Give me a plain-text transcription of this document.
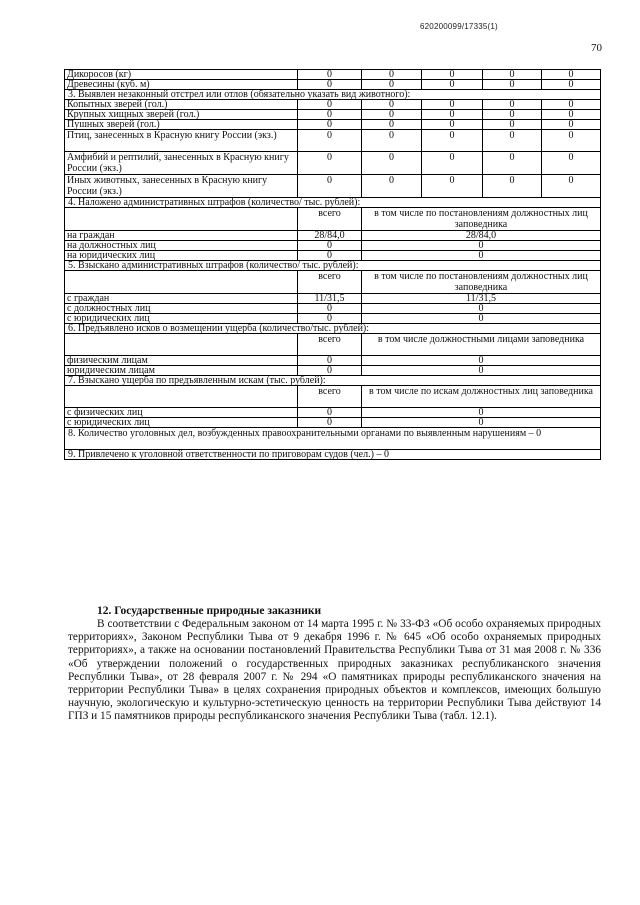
620200099/17335(1)
70
Дикоросов (кг)	0	0	0	0	0
Древесины (куб. м)	0	0	0	0	0
3. Выявлен незаконный отстрел или отлов (обязательно указать вид животного):					
Копытных зверей (гол.)	0	0	0	0	0
Крупных хищных зверей (гол.)	0	0	0	0	0
Пушных зверей (гол.)	0	0	0	0	0
Птиц, занесенных в Красную книгу России (экз.)	0	0	0	0	0
Амфибий и рептилий, занесенных в Красную книгу России (экз.)	0	0	0	0	0
Иных животных, занесенных в Красную книгу России (экз.)	0	0	0	0	0
4. Наложено административных штрафов (количество/ тыс. рублей):					
	всего	в том числе по постановлениям должностных лиц заповедника			
на граждан	28/84,0	28/84,0			
на должностных лиц	0	0			
на юридических лиц	0	0			
5. Взыскано административных штрафов (количество/ тыс. рублей):					
	всего	в том числе по постановлениям должностных лиц заповедника			
с граждан	11/31,5	11/31,5			
с должностных лиц	0	0			
с юридических лиц	0	0			
6. Предъявлено исков о возмещении ущерба (количество/тыс. рублей):					
	всего	в том числе должностными лицами заповедника			
физическим лицам	0	0			
юридическим лицам	0	0			
7. Взыскано ущерба по предъявленным искам (тыс. рублей):					
	всего	в том числе по искам должностных лиц заповедника			
с физических лиц	0	0			
с юридических лиц	0	0			
8. Количество уголовных дел, возбужденных правоохранительными органами по выявленным нарушениям – 0					
9. Привлечено к уголовной ответственности по приговорам судов (чел.) – 0					
12. Государственные природные заказники

В соответствии с Федеральным законом от 14 марта 1995 г. № 33-ФЗ «Об особо охраняемых природных территориях», Законом Республики Тыва от 9 декабря 1996 г. № 645 «Об особо охраняемых природных территориях», а также на основании постановлений Правительства Республики Тыва от 31 мая 2008 г. № 336 «Об утверждении положений о государственных природных заказниках республиканского значения Республики Тыва», от 28 февраля 2007 г. № 294 «О памятниках природы республиканского значения на территории Республики Тыва» в целях сохранения природных объектов и комплексов, имеющих большую научную, экологическую и культурно-эстетическую ценность на территории Республики Тыва действуют 14 ГПЗ и 15 памятников природы республиканского значения Республики Тыва (табл. 12.1).
